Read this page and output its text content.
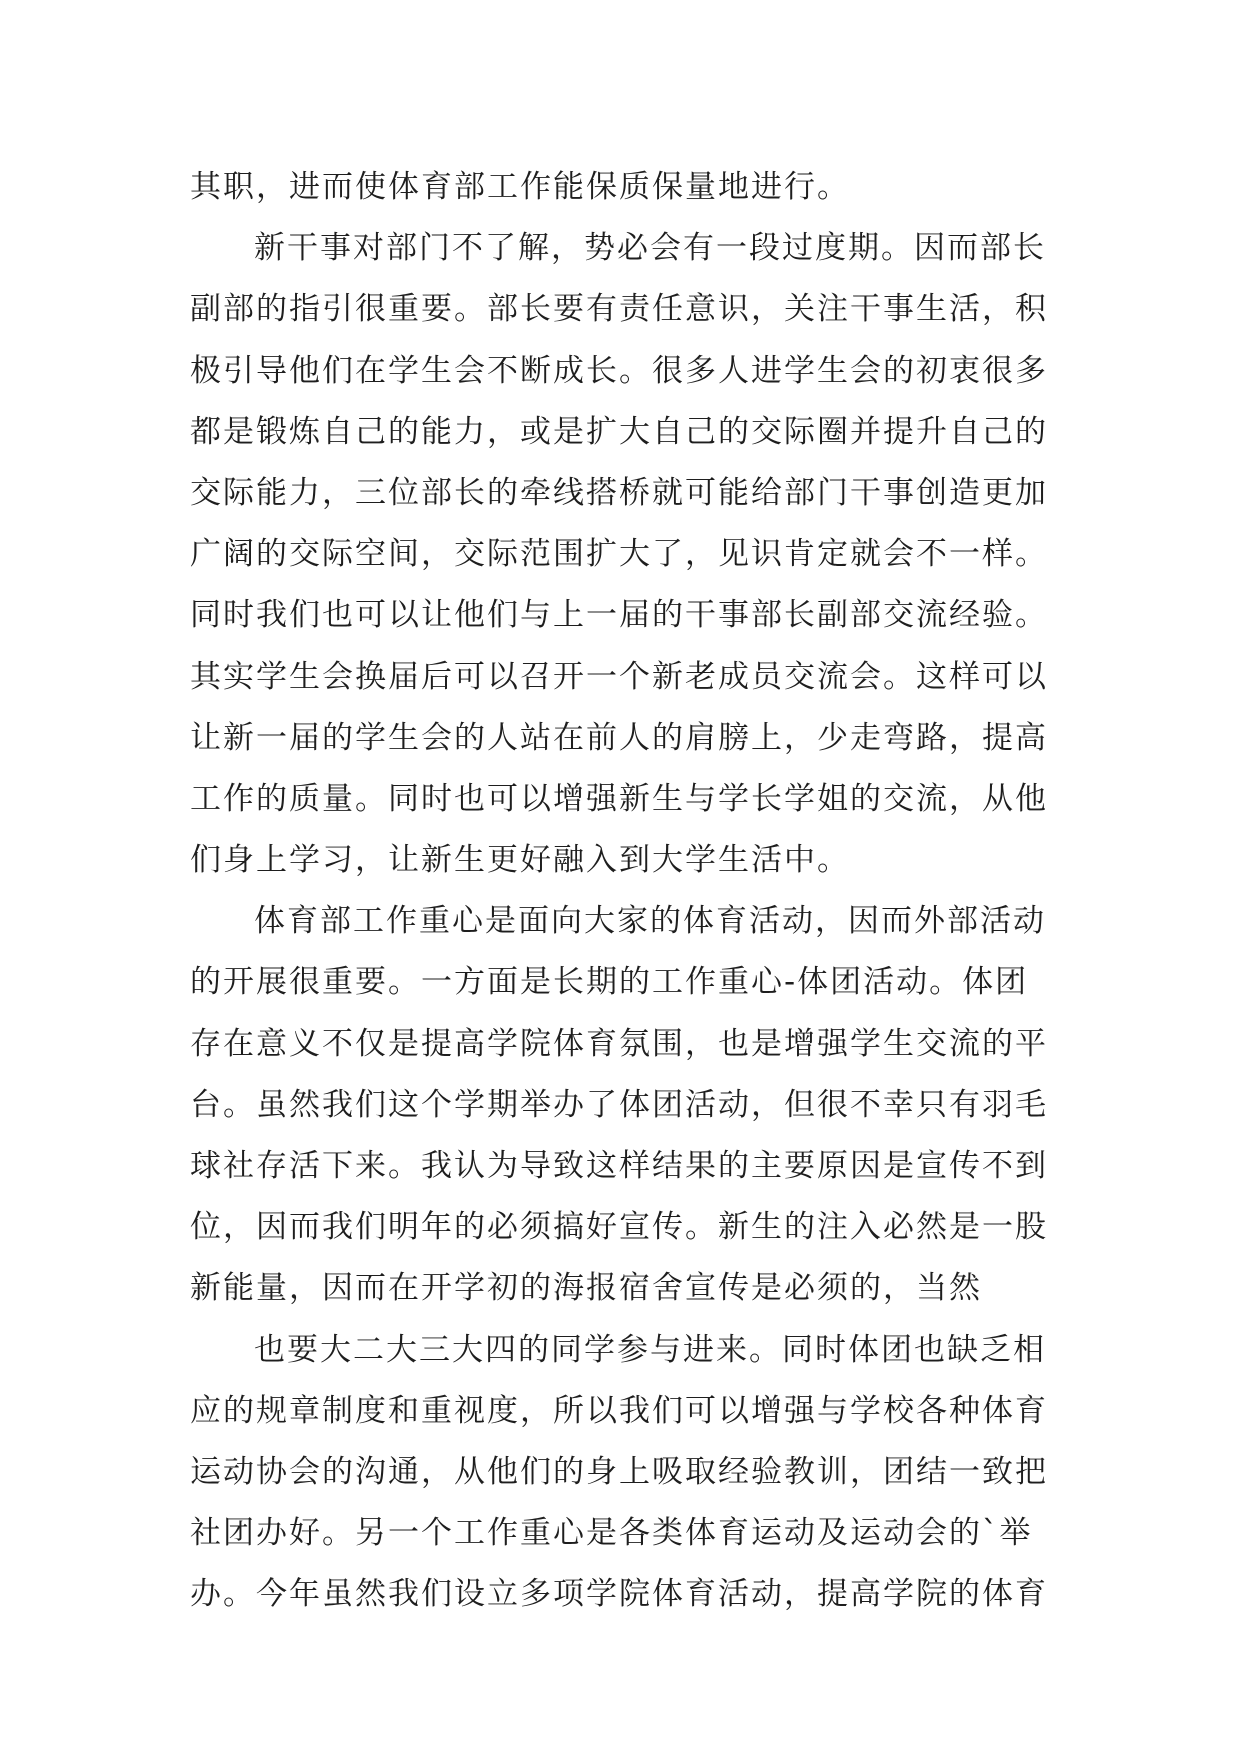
其职，进而使体育部工作能保质保量地进行。
新干事对部门不了解，势必会有一段过度期。因而部长
副部的指引很重要。部长要有责任意识，关注干事生活，积
极引导他们在学生会不断成长。很多人进学生会的初衷很多
都是锻炼自己的能力，或是扩大自己的交际圈并提升自己的
交际能力，三位部长的牵线搭桥就可能给部门干事创造更加
广阔的交际空间，交际范围扩大了，见识肯定就会不一样。
同时我们也可以让他们与上一届的干事部长副部交流经验。
其实学生会换届后可以召开一个新老成员交流会。这样可以
让新一届的学生会的人站在前人的肩膀上，少走弯路，提高
工作的质量。同时也可以增强新生与学长学姐的交流，从他
们身上学习，让新生更好融入到大学生活中。
体育部工作重心是面向大家的体育活动，因而外部活动
的开展很重要。一方面是长期的工作重心-体团活动。体团
存在意义不仅是提高学院体育氛围，也是增强学生交流的平
台。虽然我们这个学期举办了体团活动，但很不幸只有羽毛
球社存活下来。我认为导致这样结果的主要原因是宣传不到
位，因而我们明年的必须搞好宣传。新生的注入必然是一股
新能量，因而在开学初的海报宿舍宣传是必须的，当然
也要大二大三大四的同学参与进来。同时体团也缺乏相
应的规章制度和重视度，所以我们可以增强与学校各种体育
运动协会的沟通，从他们的身上吸取经验教训，团结一致把
社团办好。另一个工作重心是各类体育运动及运动会的`举
办。今年虽然我们设立多项学院体育活动，提高学院的体育
